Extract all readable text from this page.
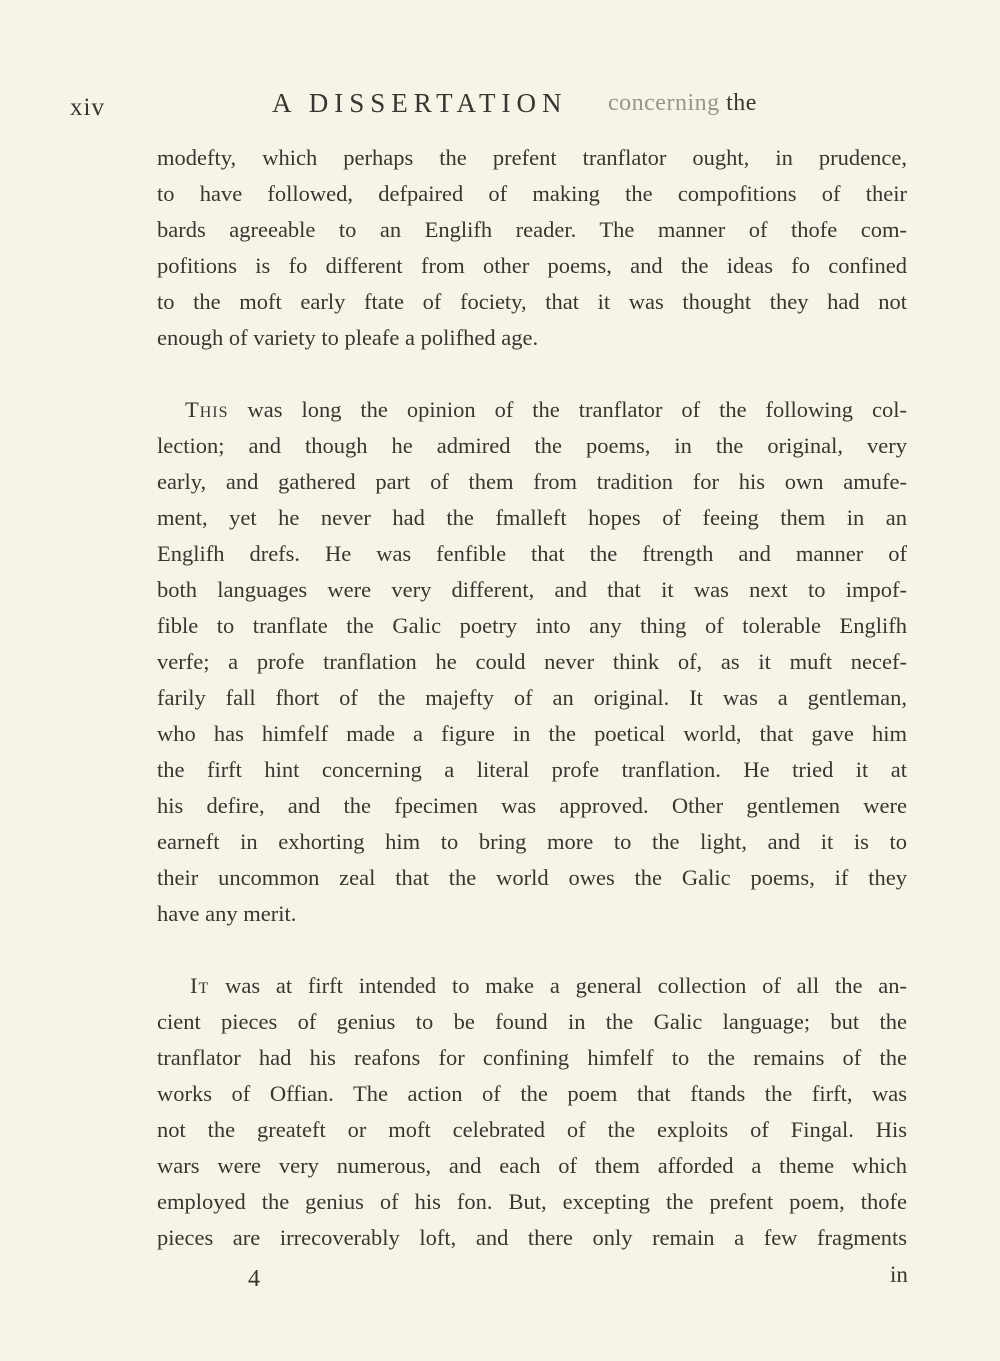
xiv	A DISSERTATION concerning the

modefty, which perhaps the prefent tranflator ought, in prudence,
to have followed, defpaired of making the compofitions of their
bards agreeable to an Englifh reader. The manner of thofe com-
pofitions is fo different from other poems, and the ideas fo confined
to the moft early ftate of fociety, that it was thought they had not
enough of variety to pleafe a polifhed age.

This was long the opinion of the tranflator of the following col-
lection; and though he admired the poems, in the original, very
early, and gathered part of them from tradition for his own amufe-
ment, yet he never had the fmalleft hopes of feeing them in an
Englifh drefs. He was fenfible that the ftrength and manner of
both languages were very different, and that it was next to impof-
fible to tranflate the Galic poetry into any thing of tolerable Englifh
verfe; a profe tranflation he could never think of, as it muft necef-
farily fall fhort of the majefty of an original. It was a gentleman,
who has himfelf made a figure in the poetical world, that gave him
the firft hint concerning a literal profe tranflation. He tried it at
his defire, and the fpecimen was approved. Other gentlemen were
earneft in exhorting him to bring more to the light, and it is to
their uncommon zeal that the world owes the Galic poems, if they
have any merit.

It was at firft intended to make a general collection of all the an-
cient pieces of genius to be found in the Galic language; but the
tranflator had his reafons for confining himfelf to the remains of the
works of Offian. The action of the poem that ftands the firft, was
not the greateft or moft celebrated of the exploits of Fingal. His
wars were very numerous, and each of them afforded a theme which
employed the genius of his fon. But, excepting the prefent poem, thofe
pieces are irrecoverably loft, and there only remain a few fragments

4	in
